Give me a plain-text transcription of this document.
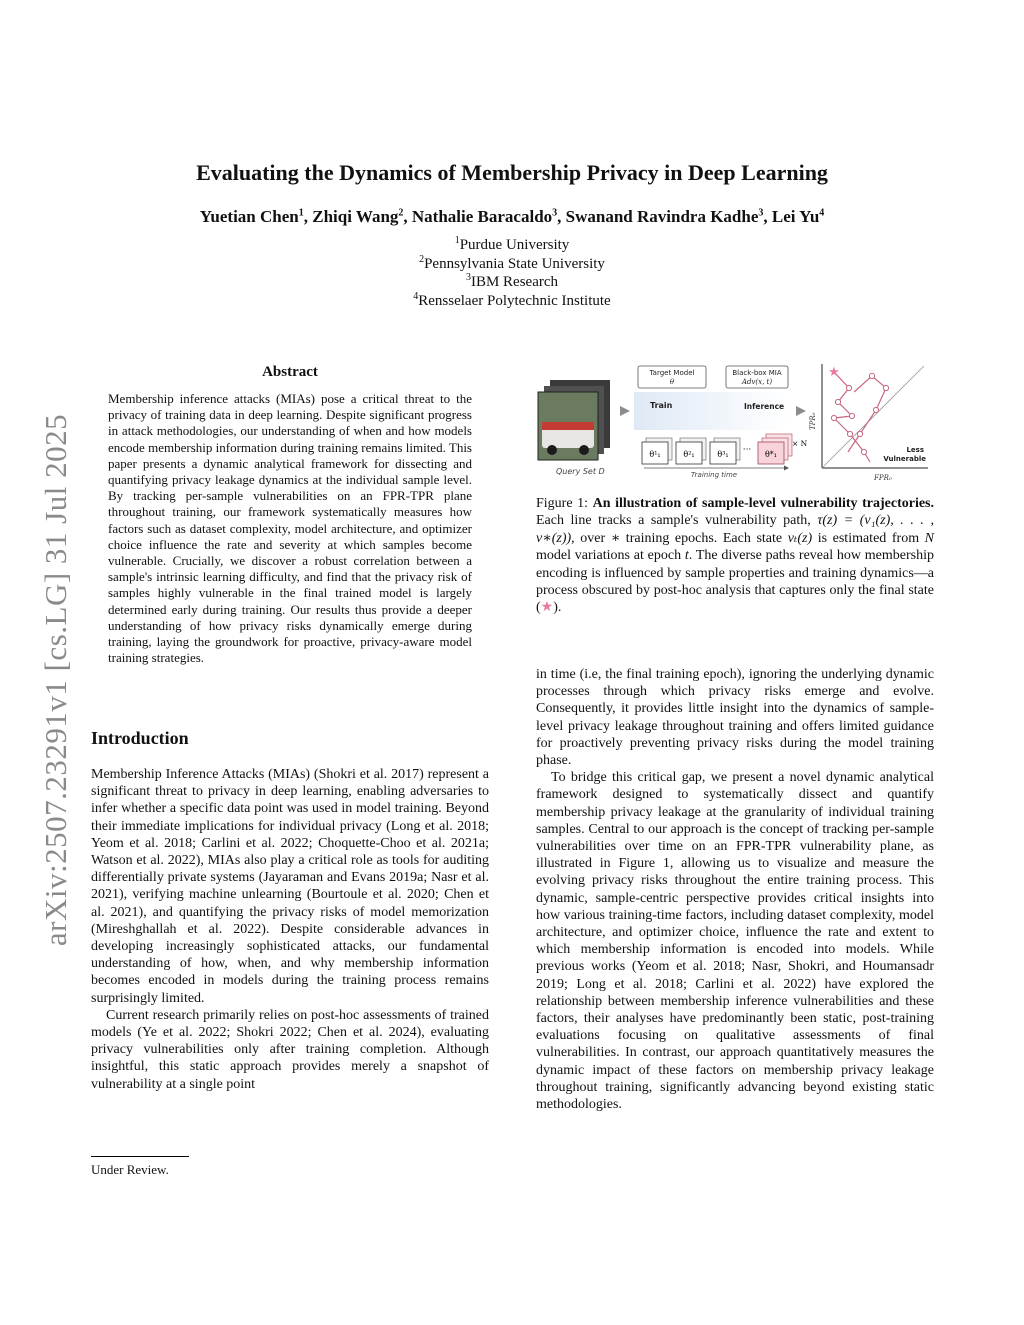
arXiv:2507.23291v1 [cs.LG] 31 Jul 2025
Evaluating the Dynamics of Membership Privacy in Deep Learning
Yuetian Chen$^1$, Zhiqi Wang$^2$, Nathalie Baracaldo$^3$, Swanand Ravindra Kadhe$^3$, Lei Yu$^4$
$^1$Purdue University
$^2$Pennsylvania State University
$^3$IBM Research
$^4$Rensselaer Polytechnic Institute
Abstract

Membership inference attacks (MIAs) pose a critical threat to the privacy of training data in deep learning. Despite significant progress in attack methodologies, our understanding of when and how models encode membership information during training remains limited. This paper presents a dynamic analytical framework for dissecting and quantifying privacy leakage dynamics at the individual sample level. By tracking per-sample vulnerabilities on an FPR-TPR plane throughout training, our framework systematically measures how factors such as dataset complexity, model architecture, and optimizer choice influence the rate and severity at which samples become vulnerable. Crucially, we discover a robust correlation between a sample's intrinsic learning difficulty, and find that the privacy risk of samples highly vulnerable in the final trained model is largely determined early during training. Our results thus provide a deeper understanding of how privacy risks dynamically emerge during training, laying the groundwork for proactive, privacy-aware model training strategies.

Introduction

Membership Inference Attacks (MIAs) (Shokri et al. 2017) represent a significant threat to privacy in deep learning, enabling adversaries to infer whether a specific data point was used in model training. Beyond their immediate implications for individual privacy (Long et al. 2018; Yeom et al. 2018; Carlini et al. 2022; Choquette-Choo et al. 2021a; Watson et al. 2022), MIAs also play a critical role as tools for auditing differentially private systems (Jayaraman and Evans 2019a; Nasr et al. 2021), verifying machine unlearning (Bourtoule et al. 2020; Chen et al. 2021), and quantifying the privacy risks of model memorization (Mireshghallah et al. 2022). Despite considerable advances in developing increasingly sophisticated attacks, our fundamental understanding of how, when, and why membership information becomes encoded in models during the training process remains surprisingly limited.

Current research primarily relies on post-hoc assessments of trained models (Ye et al. 2022; Shokri 2022; Chen et al. 2024), evaluating privacy vulnerabilities only after training completion. Although insightful, this static approach provides merely a snapshot of vulnerability at a single point

Under Review.
Query Set D
Train	Inference
Target Model
θ
Black-box MIA
Adv(x, t)
θ¹₁	θ²₁	θ³₁	θ*₁
···
× N
Training time
★
TPR₀
FPR₀
Less
Vulnerable
Figure 1: An illustration of sample-level vulnerability trajectories. Each line tracks a sample's vulnerability path, τ(z) = (v₁(z), . . . , v∗(z)), over ∗ training epochs. Each state vₜ(z) is estimated from N model variations at epoch t. The diverse paths reveal how membership encoding is influenced by sample properties and training dynamics—a process obscured by post-hoc analysis that captures only the final state (★).

in time (i.e, the final training epoch), ignoring the underlying dynamic processes through which privacy risks emerge and evolve. Consequently, it provides little insight into the dynamics of sample-level privacy leakage throughout training and offers limited guidance for proactively preventing privacy risks during the model training phase.

To bridge this critical gap, we present a novel dynamic analytical framework designed to systematically dissect and quantify membership privacy leakage at the granularity of individual training samples. Central to our approach is the concept of tracking per-sample vulnerabilities over time on an FPR-TPR vulnerability plane, as illustrated in Figure 1, allowing us to visualize and measure the evolving privacy risks throughout the entire training process. This dynamic, sample-centric perspective provides critical insights into how various training-time factors, including dataset complexity, model architecture, and optimizer choice, influence the rate and extent to which membership information is encoded into models. While previous works (Yeom et al. 2018; Nasr, Shokri, and Houmansadr 2019; Long et al. 2018; Carlini et al. 2022) have explored the relationship between membership inference vulnerabilities and these factors, their analyses have predominantly been static, post-training evaluations focusing on qualitative assessments of final vulnerabilities. In contrast, our approach quantitatively measures the dynamic impact of these factors on membership privacy leakage throughout training, significantly advancing beyond existing static methodologies.
